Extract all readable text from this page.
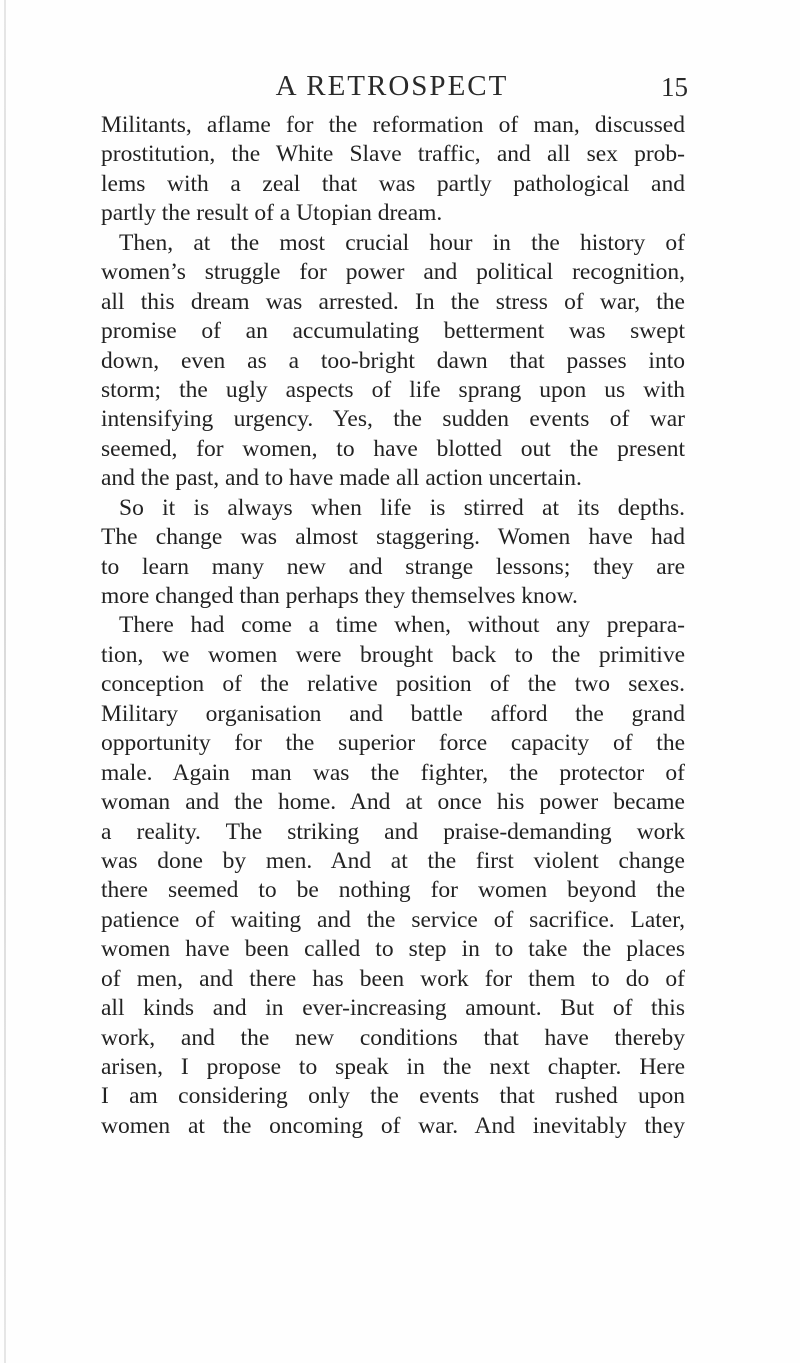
A RETROSPECT	15
Militants, aflame for the reformation of man, discussed
prostitution, the White Slave traffic, and all sex prob-
lems with a zeal that was partly pathological and
partly the result of a Utopian dream.
Then, at the most crucial hour in the history of
women’s struggle for power and political recognition,
all this dream was arrested. In the stress of war, the
promise of an accumulating betterment was swept
down, even as a too-bright dawn that passes into
storm; the ugly aspects of life sprang upon us with
intensifying urgency. Yes, the sudden events of war
seemed, for women, to have blotted out the present
and the past, and to have made all action uncertain.
So it is always when life is stirred at its depths.
The change was almost staggering. Women have had
to learn many new and strange lessons; they are
more changed than perhaps they themselves know.
There had come a time when, without any prepara-
tion, we women were brought back to the primitive
conception of the relative position of the two sexes.
Military organisation and battle afford the grand
opportunity for the superior force capacity of the
male. Again man was the fighter, the protector of
woman and the home. And at once his power became
a reality. The striking and praise-demanding work
was done by men. And at the first violent change
there seemed to be nothing for women beyond the
patience of waiting and the service of sacrifice. Later,
women have been called to step in to take the places
of men, and there has been work for them to do of
all kinds and in ever-increasing amount. But of this
work, and the new conditions that have thereby
arisen, I propose to speak in the next chapter. Here
I am considering only the events that rushed upon
women at the oncoming of war. And inevitably they
